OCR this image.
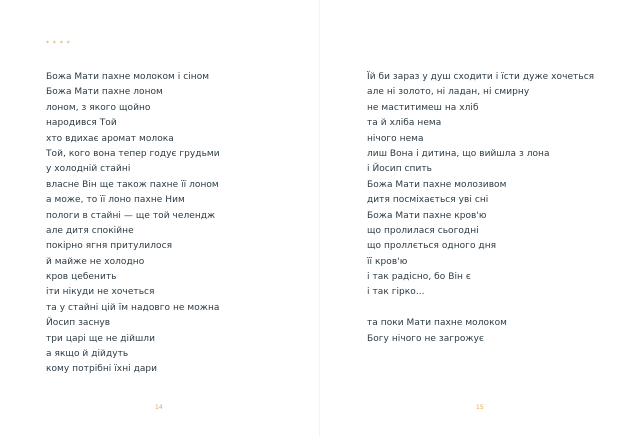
* * * *
Божа Мати пахне молоком і сіном
Божа Мати пахне лоном
лоном, з якого щойно
народився Той
хто вдихає аромат молока
Той, кого вона тепер годує грудьми
у холодній стайні
власне Він ще також пахне її лоном
а може, то її лоно пахне Ним
пологи в стайні — ще той челендж
але дитя спокійне
покірно ягня притулилося
й майже не холодно
кров цебенить
іти нікуди не хочеться
та у стайні цій їм надовго не можна
Йосип заснув
три царі ще не дійшли
а якщо й дійдуть
кому потрібні їхні дари
Їй би зараз у душ сходити і їсти дуже хочеться
але ні золото, ні ладан, ні смирну
не маститимеш на хліб
та й хліба нема
нічого нема
лиш Вона і дитина, що вийшла з лона
і Йосип спить
Божа Мати пахне молозивом
дитя посміхається уві сні
Божа Мати пахне кров'ю
що пролилася сьогодні
що проллється одного дня
її кров'ю
і так радісно, бо Він є
і так гірко...
та поки Мати пахне молоком
Богу нічого не загрожує
14	15
